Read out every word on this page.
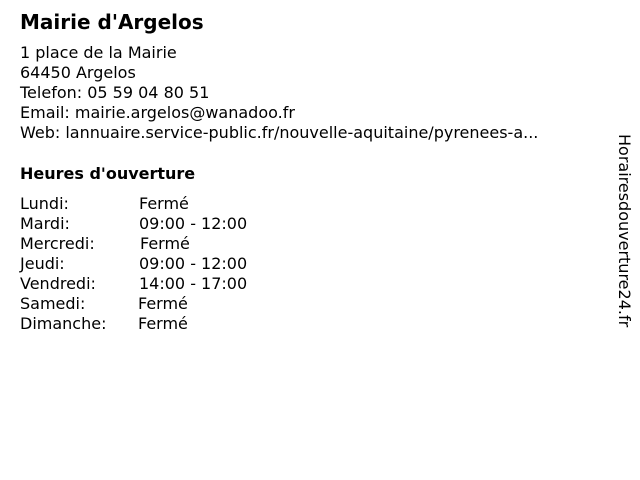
Mairie d'Argelos
1 place de la Mairie
64450 Argelos
Telefon: 05 59 04 80 51
Email: mairie.argelos@wanadoo.fr
Web: lannuaire.service-public.fr/nouvelle-aquitaine/pyrenees-a...
Heures d'ouverture
Lundi:	Fermé
Mardi:	09:00 - 12:00
Mercredi:	Fermé
Jeudi:	09:00 - 12:00
Vendredi:	14:00 - 17:00
Samedi:	Fermé
Dimanche: Fermé	Horairesdouverture24.fr
